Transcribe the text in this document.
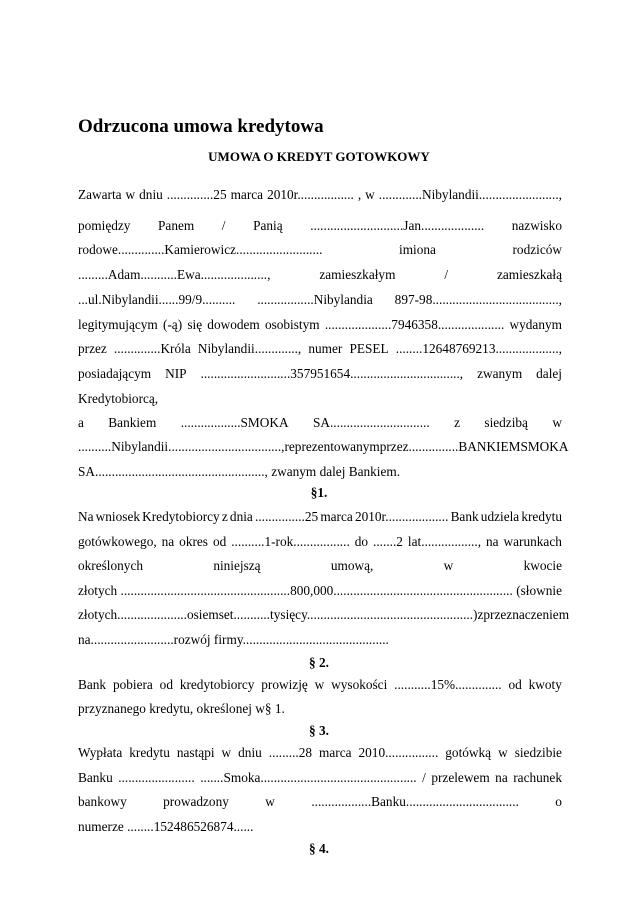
Odrzucona umowa kredytowa
UMOWA O KREDYT GOTOWKOWY
Zawarta w dniu ..............25 marca 2010r................. , w .............Nibylandii........................,
pomiędzy Panem / Panią ............................Jan................... nazwisko
rodowe..............Kamierowicz..........................	imiona	rodziców
.........Adam...........Ewa....................,	zamieszkałym	/	zamieszkałą
...ul.Nibylandii......99/9.......... .................Nibylandia 897-98......................................,
legitymującym (-ą) się dowodem osobistym ....................7946358.................... wydanym
przez ..............Króla Nibylandii............., numer PESEL ........12648769213...................,
posiadającym NIP ...........................357951654................................., zwanym dalej
Kredytobiorcą,
a Bankiem ..................SMOKA SA.............................. z siedzibą w
..........Nibylandii.................................., reprezentowanym przez ...............BANKIEM SMOKA
SA..................................................., zwanym dalej Bankiem.
Na wniosek Kredytobiorcy z dnia ...............25 marca 2010r................... Bank udziela kredytu
gotówkowego, na okres od ..........1-rok................. do .......2 lat................., na warunkach
określonych	niniejszą	umową,	w	kwocie
złotych ...................................................800,000...................................................... (słownie
złotych .....................osiemset...........tysięcy..................................................) z przeznaczeniem
na.........................rozwój firmy............................................
Bank pobiera od kredytobiorcy prowizję w wysokości ...........15%.............. od kwoty
przyznanego kredytu, określonej w§ 1.
Wypłata kredytu nastąpi w dniu .........28 marca 2010................ gotówką w siedzibie
Banku ....................... .......Smoka............................................... / przelewem na rachunek
bankowy	prowadzony	w	..................Banku..................................	o
numerze ........152486526874......
§1.
§ 2.
§ 3.
§ 4.
